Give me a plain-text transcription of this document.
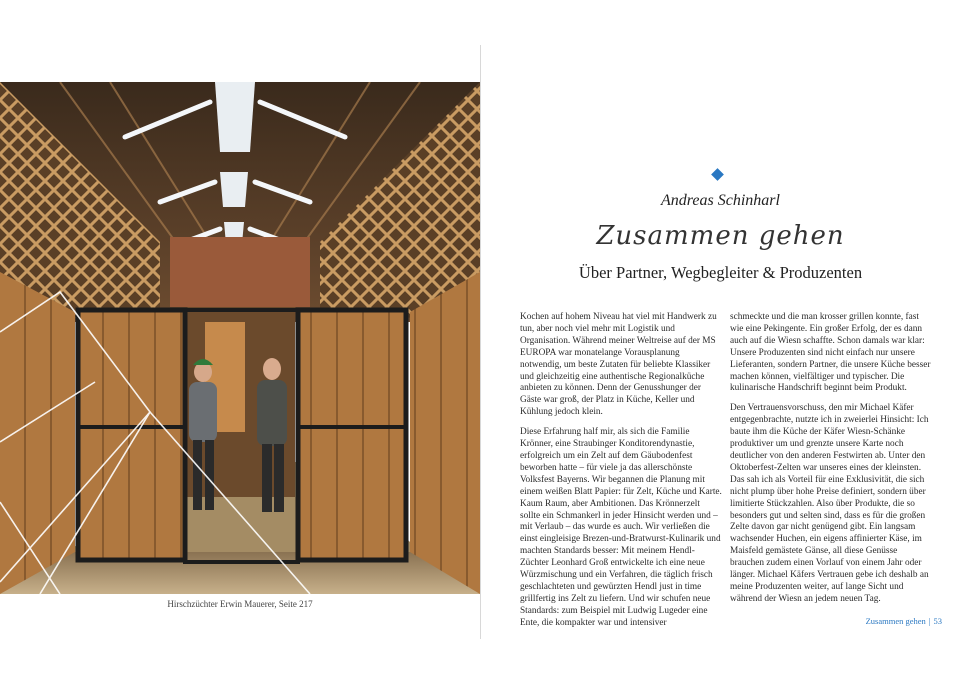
Hirschzüchter Erwin Mauerer, Seite 217
Andreas Schinharl
Zusammen gehen
Über Partner, Wegbegleiter & Produzenten

Kochen auf hohem Niveau hat viel mit Handwerk zu tun, aber noch viel mehr mit Logistik und Organisation. Während meiner Weltreise auf der MS EUROPA war monatelange Vorausplanung notwendig, um beste Zutaten für beliebte Klassiker und gleichzeitig eine authentische Regionalküche anbieten zu können. Denn der Genusshunger der Gäste war groß, der Platz in Küche, Keller und Kühlung jedoch klein.

Diese Erfahrung half mir, als sich die Familie Krönner, eine Straubinger Konditorendynastie, erfolgreich um ein Zelt auf dem Gäubodenfest beworben hatte – für viele ja das allerschönste Volksfest Bayerns. Wir begannen die Planung mit einem weißen Blatt Papier: für Zelt, Küche und Karte. Kaum Raum, aber Ambitionen. Das Krönnerzelt sollte ein Schmankerl in jeder Hinsicht werden und – mit Verlaub – das wurde es auch. Wir verließen die einst eingleisige Brezen-und-Bratwurst-Kulinarik und machten Standards besser: Mit meinem Hendl-Züchter Leonhard Groß entwickelte ich eine neue Würzmischung und ein Verfahren, die täglich frisch geschlachteten und gewürzten Hendl just in time grillfertig ins Zelt zu liefern. Und wir schufen neue Standards: zum Beispiel mit Ludwig Lugeder eine Ente, die kompakter war und intensiver

schmeckte und die man krosser grillen konnte, fast wie eine Pekingente. Ein großer Erfolg, der es dann auch auf die Wiesn schaffte. Schon damals war klar: Unsere Produzenten sind nicht einfach nur unsere Lieferanten, sondern Partner, die unsere Küche besser machen können, vielfältiger und typischer. Die kulinarische Handschrift beginnt beim Produkt.

Den Vertrauensvorschuss, den mir Michael Käfer entgegenbrachte, nutzte ich in zweierlei Hinsicht: Ich baute ihm die Küche der Käfer Wiesn-Schänke produktiver um und grenzte unsere Karte noch deutlicher von den anderen Festwirten ab. Unter den Oktoberfest-Zelten war unseres eines der kleinsten. Das sah ich als Vorteil für eine Exklusivität, die sich nicht plump über hohe Preise definiert, sondern über limitierte Stückzahlen. Also über Produkte, die so besonders gut und selten sind, dass es für die großen Zelte davon gar nicht genügend gibt. Ein langsam wachsender Huchen, ein eigens affinierter Käse, im Maisfeld gemästete Gänse, all diese Genüsse brauchen zudem einen Vorlauf von einem Jahr oder länger. Michael Käfers Vertrauen gebe ich deshalb an meine Produzenten weiter, auf lange Sicht und während der Wiesn an jedem neuen Tag.

Zusammen gehen | 53
